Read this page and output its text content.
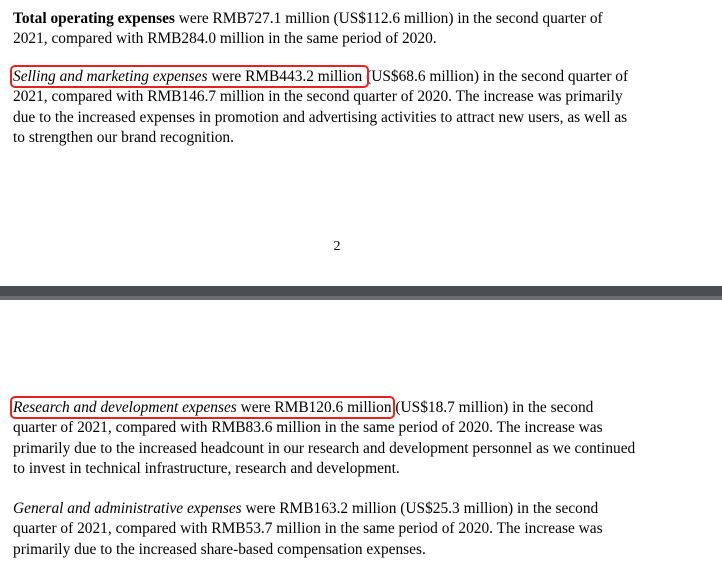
Total operating expenses were RMB727.1 million (US$112.6 million) in the second quarter of
2021, compared with RMB284.0 million in the same period of 2020.

Selling and marketing expenses were RMB443.2 million (US$68.6 million) in the second quarter of
2021, compared with RMB146.7 million in the second quarter of 2020. The increase was primarily
due to the increased expenses in promotion and advertising activities to attract new users, as well as
to strengthen our brand recognition.

2

Research and development expenses were RMB120.6 million (US$18.7 million) in the second
quarter of 2021, compared with RMB83.6 million in the same period of 2020. The increase was
primarily due to the increased headcount in our research and development personnel as we continued
to invest in technical infrastructure, research and development.

General and administrative expenses were RMB163.2 million (US$25.3 million) in the second
quarter of 2021, compared with RMB53.7 million in the same period of 2020. The increase was
primarily due to the increased share-based compensation expenses.
